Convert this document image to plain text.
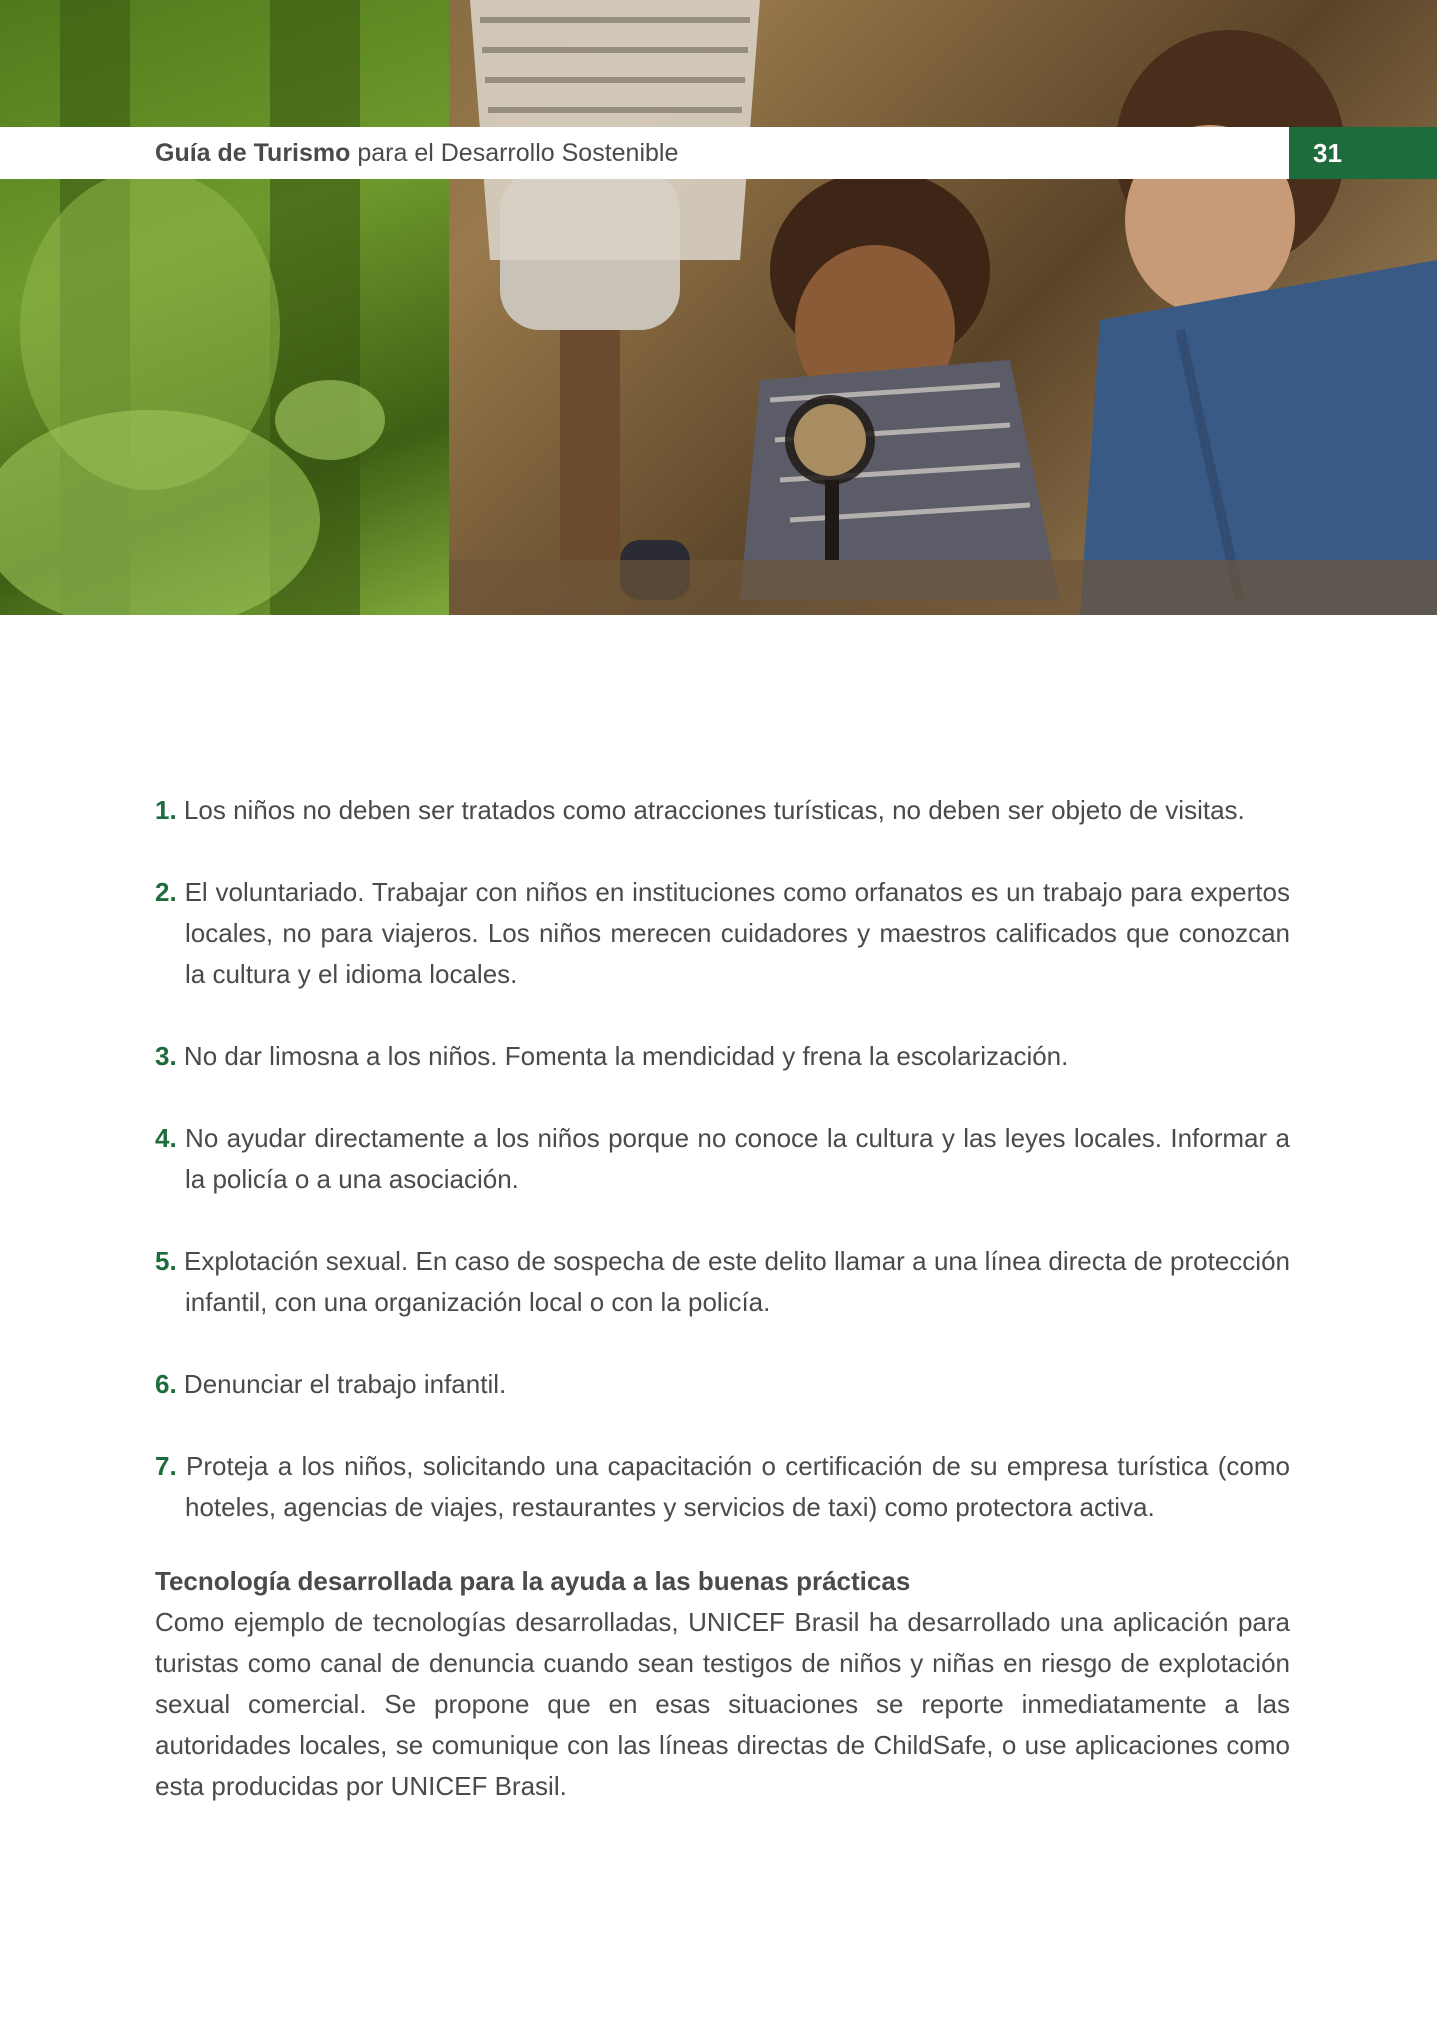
Guía de Turismo para el Desarrollo Sostenible	31
1. Los niños no deben ser tratados como atracciones turísticas, no deben ser objeto de visitas.
2. El voluntariado. Trabajar con niños en instituciones como orfanatos es un trabajo para expertos locales, no para viajeros. Los niños merecen cuidadores y maestros calificados que conozcan la cultura y el idioma locales.
3. No dar limosna a los niños. Fomenta la mendicidad y frena la escolarización.
4. No ayudar directamente a los niños porque no conoce la cultura y las leyes locales. Informar a la policía o a una asociación.
5. Explotación sexual. En caso de sospecha de este delito llamar a una línea directa de protección infantil, con una organización local o con la policía.
6. Denunciar el trabajo infantil.
7. Proteja a los niños, solicitando una capacitación o certificación de su empresa turística (como hoteles, agencias de viajes, restaurantes y servicios de taxi) como protectora activa.
Tecnología desarrollada para la ayuda a las buenas prácticas
Como ejemplo de tecnologías desarrolladas, UNICEF Brasil ha desarrollado una aplicación para turistas como canal de denuncia cuando sean testigos de niños y niñas en riesgo de explotación sexual comercial. Se propone que en esas situaciones se reporte inmediatamente a las autoridades locales, se comunique con las líneas directas de ChildSafe, o use aplicaciones como esta producidas por UNICEF Brasil.
